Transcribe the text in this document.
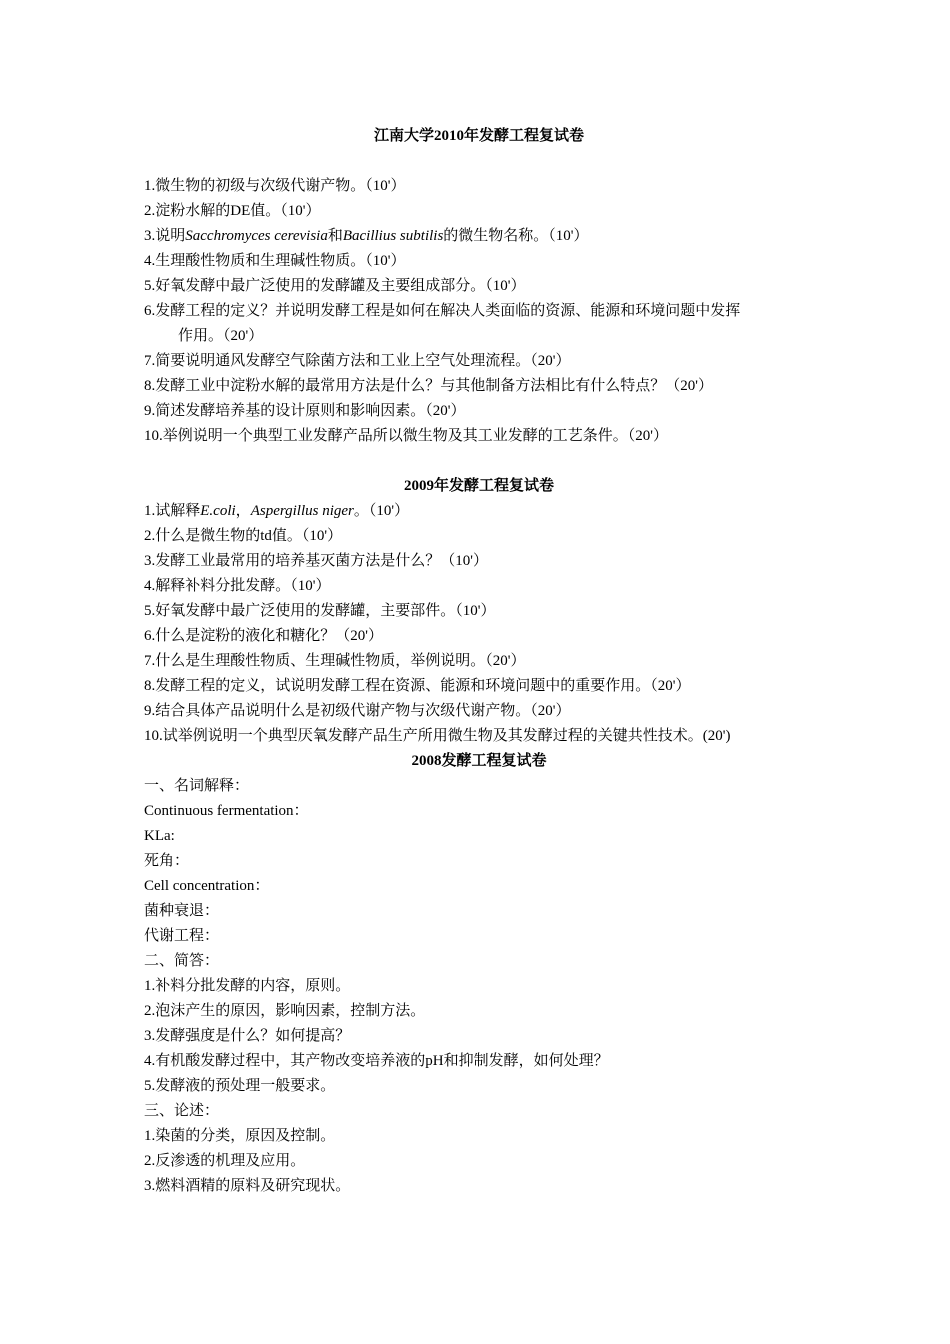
江南大学2010年发酵工程复试卷
1.微生物的初级与次级代谢产物。（10'）
2.淀粉水解的DE值。（10'）
3.说明Sacchromyces cerevisia和Bacillius subtilis的微生物名称。（10'）
4.生理酸性物质和生理碱性物质。（10'）
5.好氧发酵中最广泛使用的发酵罐及主要组成部分。（10'）
6.发酵工程的定义？并说明发酵工程是如何在解决人类面临的资源、能源和环境问题中发挥
作用。（20'）
7.简要说明通风发酵空气除菌方法和工业上空气处理流程。（20'）
8.发酵工业中淀粉水解的最常用方法是什么？与其他制备方法相比有什么特点？（20'）
9.简述发酵培养基的设计原则和影响因素。（20'）
10.举例说明一个典型工业发酵产品所以微生物及其工业发酵的工艺条件。（20'）
2009年发酵工程复试卷
1.试解释E.coli，Aspergillus niger。（10'）
2.什么是微生物的td值。（10'）
3.发酵工业最常用的培养基灭菌方法是什么？（10'）
4.解释补料分批发酵。（10'）
5.好氧发酵中最广泛使用的发酵罐，主要部件。（10'）
6.什么是淀粉的液化和糖化？（20'）
7.什么是生理酸性物质、生理碱性物质，举例说明。（20'）
8.发酵工程的定义，试说明发酵工程在资源、能源和环境问题中的重要作用。（20'）
9.结合具体产品说明什么是初级代谢产物与次级代谢产物。（20'）
10.试举例说明一个典型厌氧发酵产品生产所用微生物及其发酵过程的关键共性技术。(20')
2008发酵工程复试卷
一、名词解释：
Continuous fermentation：
KLa:
死角：
Cell concentration：
菌种衰退：
代谢工程：
二、简答：
1.补料分批发酵的内容，原则。
2.泡沫产生的原因，影响因素，控制方法。
3.发酵强度是什么？如何提高？
4.有机酸发酵过程中，其产物改变培养液的pH和抑制发酵，如何处理？
5.发酵液的预处理一般要求。
三、论述：
1.染菌的分类，原因及控制。
2.反渗透的机理及应用。
3.燃料酒精的原料及研究现状。
